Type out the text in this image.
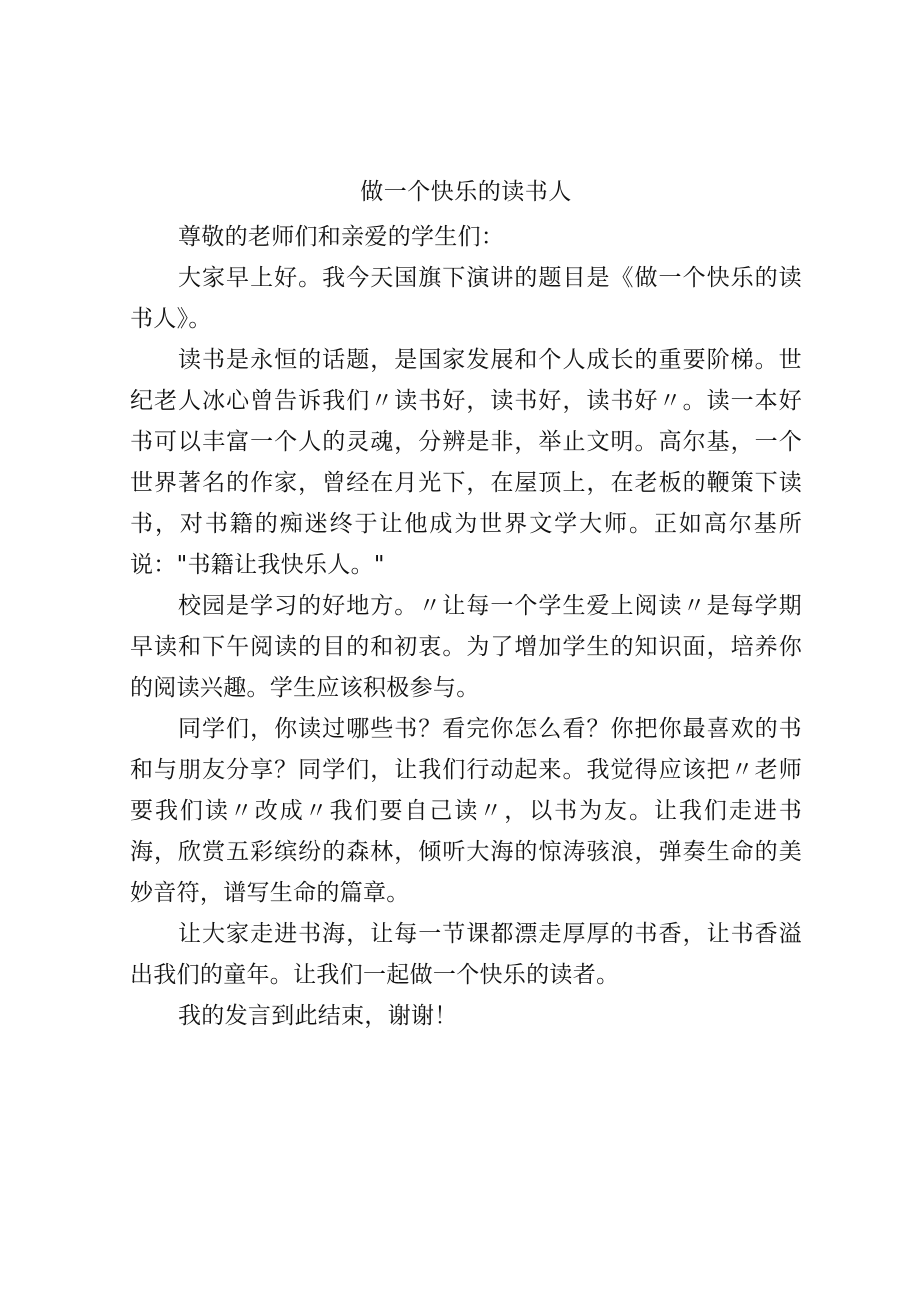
做一个快乐的读书人

尊敬的老师们和亲爱的学生们：

大家早上好。我今天国旗下演讲的题目是《做一个快乐的读书人》。

读书是永恒的话题，是国家发展和个人成长的重要阶梯。世纪老人冰心曾告诉我们〃读书好，读书好，读书好〃。读一本好书可以丰富一个人的灵魂，分辨是非，举止文明。高尔基，一个世界著名的作家，曾经在月光下，在屋顶上，在老板的鞭策下读书，对书籍的痴迷终于让他成为世界文学大师。正如高尔基所说："书籍让我快乐人。"

校园是学习的好地方。〃让每一个学生爱上阅读〃是每学期早读和下午阅读的目的和初衷。为了增加学生的知识面，培养你的阅读兴趣。学生应该积极参与。

同学们，你读过哪些书？看完你怎么看？你把你最喜欢的书和与朋友分享？同学们，让我们行动起来。我觉得应该把〃老师要我们读〃改成〃我们要自己读〃，以书为友。让我们走进书海，欣赏五彩缤纷的森林，倾听大海的惊涛骇浪，弹奏生命的美妙音符，谱写生命的篇章。

让大家走进书海，让每一节课都漂走厚厚的书香，让书香溢出我们的童年。让我们一起做一个快乐的读者。

我的发言到此结束，谢谢！
